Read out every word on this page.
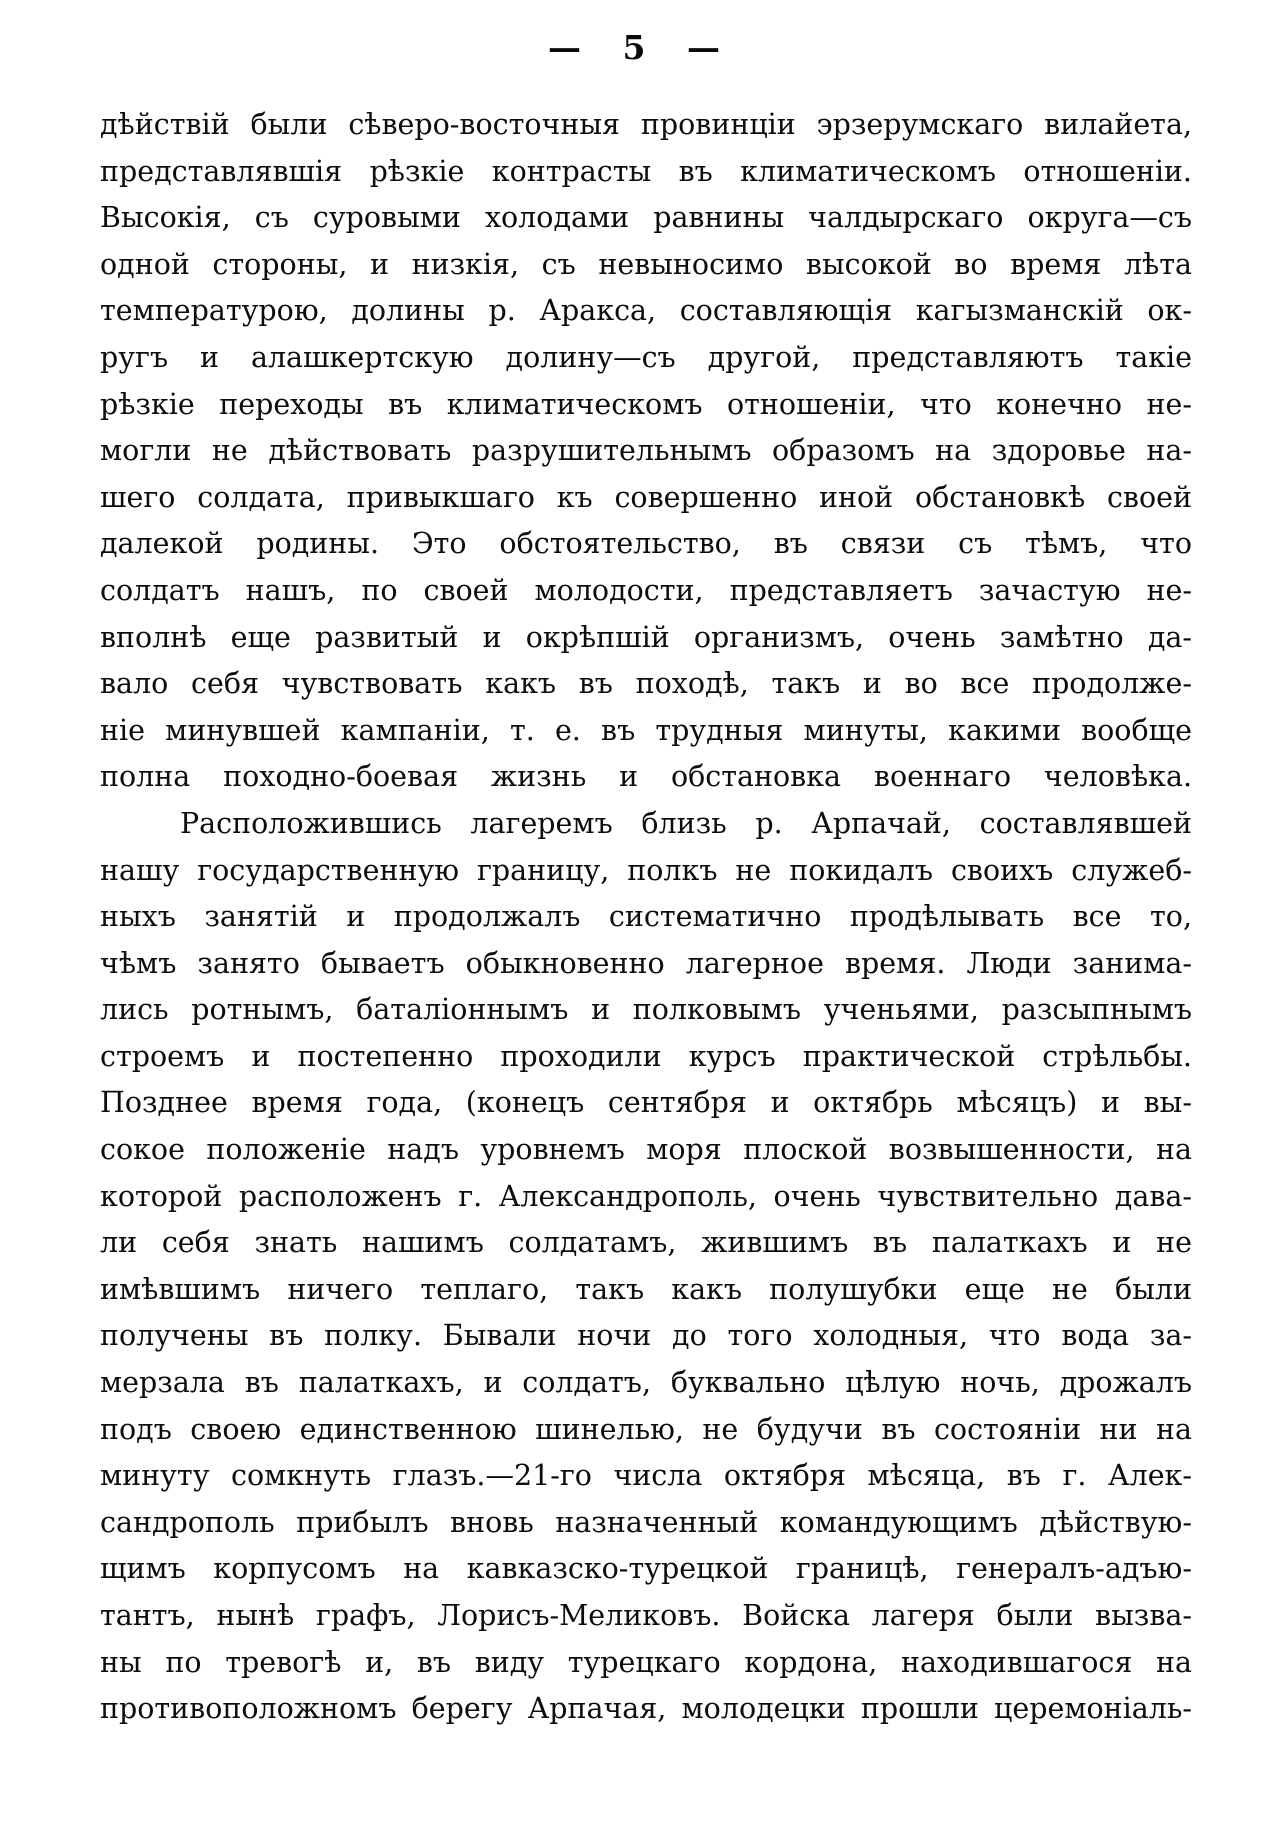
— 5 —
дѣйствій были сѣверо-восточныя провинціи эрзерумскаго вилайета,
представлявшія рѣзкіе контрасты въ климатическомъ отношеніи.
Высокія, съ суровыми холодами равнины чалдырскаго округа—съ
одной стороны, и низкія, съ невыносимо высокой во время лѣта
температурою, долины р. Аракса, составляющія кагызманскій ок-
ругъ и алашкертскую долину—съ другой, представляютъ такіе
рѣзкіе переходы въ климатическомъ отношеніи, что конечно не-
могли не дѣйствовать разрушительнымъ образомъ на здоровье на-
шего солдата, привыкшаго къ совершенно иной обстановкѣ своей
далекой родины. Это обстоятельство, въ связи съ тѣмъ, что
солдатъ нашъ, по своей молодости, представляетъ зачастую не-
вполнѣ еще развитый и окрѣпшій организмъ, очень замѣтно да-
вало себя чувствовать какъ въ походѣ, такъ и во все продолже-
ніе минувшей кампаніи, т. е. въ трудныя минуты, какими вообще
полна походно-боевая жизнь и обстановка военнаго человѣка.
Расположившись лагеремъ близь р. Арпачай, составлявшей
нашу государственную границу, полкъ не покидалъ своихъ служеб-
ныхъ занятій и продолжалъ систематично продѣлывать все то,
чѣмъ занято бываетъ обыкновенно лагерное время. Люди занима-
лись ротнымъ, баталіоннымъ и полковымъ ученьями, разсыпнымъ
строемъ и постепенно проходили курсъ практической стрѣльбы.
Позднее время года, (конецъ сентября и октябрь мѣсяцъ) и вы-
сокое положеніе надъ уровнемъ моря плоской возвышенности, на
которой расположенъ г. Александрополь, очень чувствительно дава-
ли себя знать нашимъ солдатамъ, жившимъ въ палаткахъ и не
имѣвшимъ ничего теплаго, такъ какъ полушубки еще не были
получены въ полку. Бывали ночи до того холодныя, что вода за-
мерзала въ палаткахъ, и солдатъ, буквально цѣлую ночь, дрожалъ
подъ своею единственною шинелью, не будучи въ состояніи ни на
минуту сомкнуть глазъ.—21-го числа октября мѣсяца, въ г. Алек-
сандрополь прибылъ вновь назначенный командующимъ дѣйствую-
щимъ корпусомъ на кавказско-турецкой границѣ, генералъ-адъю-
тантъ, нынѣ графъ, Лорисъ-Меликовъ. Войска лагеря были вызва-
ны по тревогѣ и, въ виду турецкаго кордона, находившагося на
противоположномъ берегу Арпачая, молодецки прошли церемоніаль-
